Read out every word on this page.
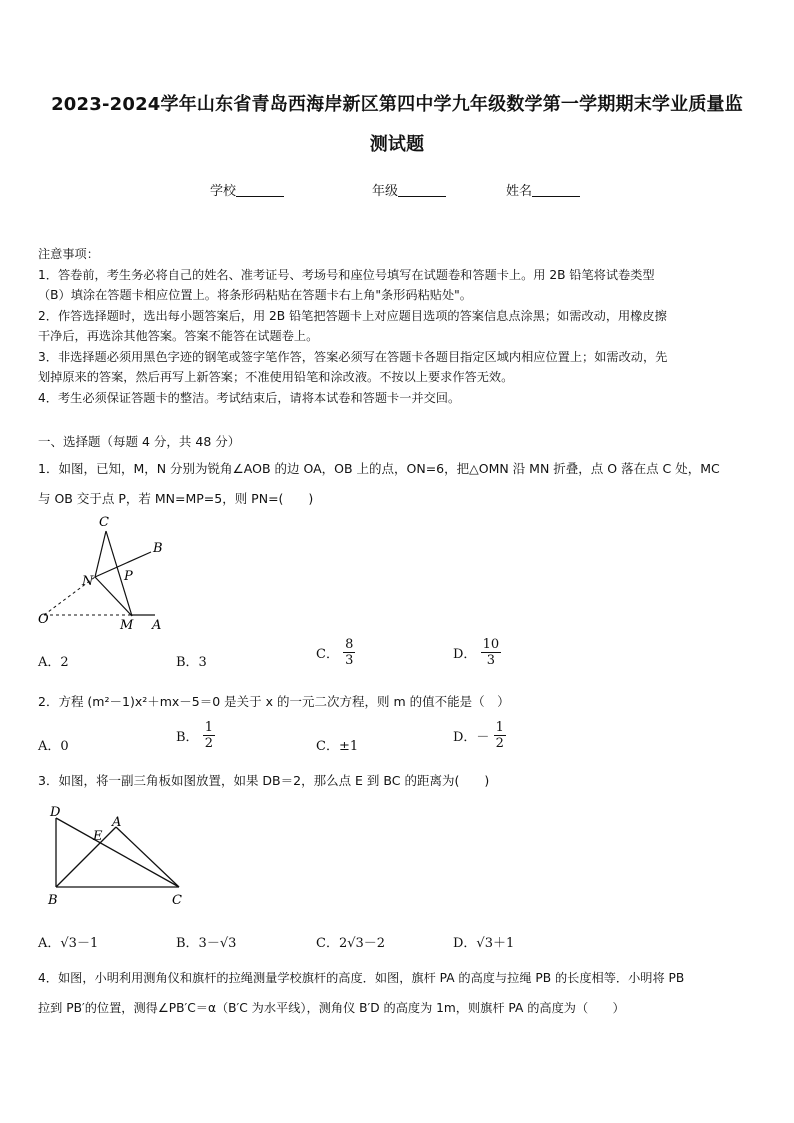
2023-2024学年山东省青岛西海岸新区第四中学九年级数学第一学期期末学业质量监
测试题
学校	年级	姓名
注意事项：
1．答卷前，考生务必将自己的姓名、准考证号、考场号和座位号填写在试题卷和答题卡上。用 2B 铅笔将试卷类型
（B）填涂在答题卡相应位置上。将条形码粘贴在答题卡右上角"条形码粘贴处"。
2．作答选择题时，选出每小题答案后，用 2B 铅笔把答题卡上对应题目选项的答案信息点涂黑；如需改动，用橡皮擦
干净后，再选涂其他答案。答案不能答在试题卷上。
3．非选择题必须用黑色字迹的钢笔或签字笔作答，答案必须写在答题卡各题目指定区域内相应位置上；如需改动，先
划掉原来的答案，然后再写上新答案；不准使用铅笔和涂改液。不按以上要求作答无效。
4．考生必须保证答题卡的整洁。考试结束后，请将本试卷和答题卡一并交回。
一、选择题（每题 4 分，共 48 分）
1．如图，已知，M，N 分别为锐角∠AOB 的边 OA，OB 上的点，ON=6，把△OMN 沿 MN 折叠，点 O 落在点 C 处，MC
与 OB 交于点 P，若 MN=MP=5，则 PN=(　　)
C
B
N P
O	M A
A．2	B．3
C． $\frac{8}{3}$	D． $\frac{10}{3}$
2．方程 (m²－1)x²＋mx－5＝0 是关于 x 的一元二次方程，则 m 的值不能是（　）
A．0
B． $\frac{1}{2}$	C．±1
D．－ $\frac{1}{2}$
3．如图，将一副三角板如图放置，如果 DB＝2，那么点 E 到 BC 的距离为(　　)
D
A
E
B	C
A．√3－1	B．3－√3	C．2√3－2	D．√3＋1
4．如图，小明利用测角仪和旗杆的拉绳测量学校旗杆的高度．如图，旗杆 PA 的高度与拉绳 PB 的长度相等．小明将 PB
拉到 PB′的位置，测得∠PB′C＝α（B′C 为水平线），测角仪 B′D 的高度为 1m，则旗杆 PA 的高度为（　　）
